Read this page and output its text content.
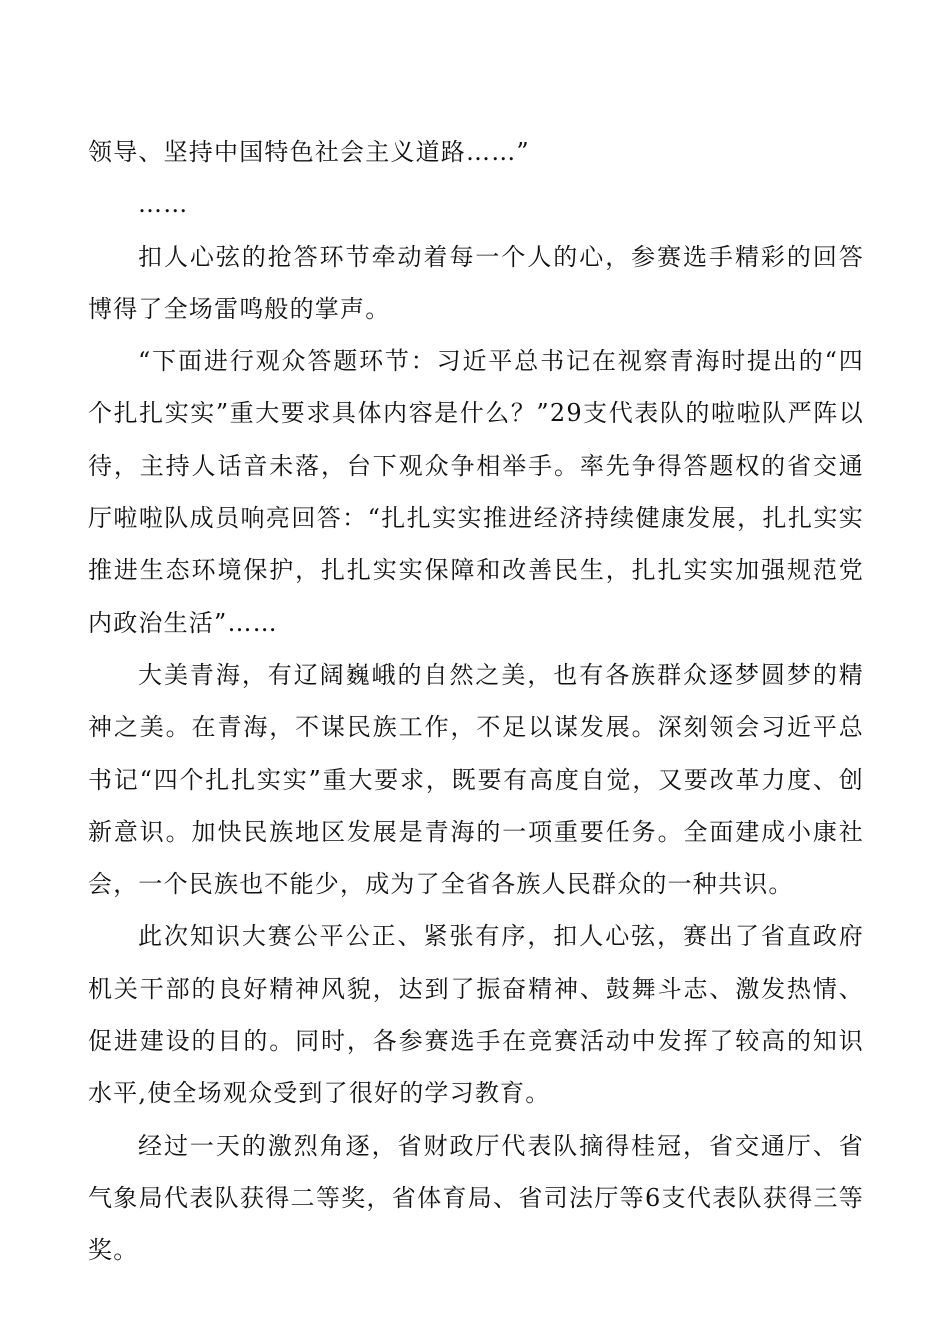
领导、坚持中国特色社会主义道路……”

……

扣人心弦的抢答环节牵动着每一个人的心，参赛选手精彩的回答博得了全场雷鸣般的掌声。

“下面进行观众答题环节：习近平总书记在视察青海时提出的“四个扎扎实实”重大要求具体内容是什么？”29支代表队的啦啦队严阵以待，主持人话音未落，台下观众争相举手。率先争得答题权的省交通厅啦啦队成员响亮回答：“扎扎实实推进经济持续健康发展，扎扎实实推进生态环境保护，扎扎实实保障和改善民生，扎扎实实加强规范党内政治生活”……

大美青海，有辽阔巍峨的自然之美，也有各族群众逐梦圆梦的精神之美。在青海，不谋民族工作，不足以谋发展。深刻领会习近平总书记“四个扎扎实实”重大要求，既要有高度自觉，又要改革力度、创新意识。加快民族地区发展是青海的一项重要任务。全面建成小康社会，一个民族也不能少，成为了全省各族人民群众的一种共识。

此次知识大赛公平公正、紧张有序，扣人心弦，赛出了省直政府机关干部的良好精神风貌，达到了振奋精神、鼓舞斗志、激发热情、促进建设的目的。同时，各参赛选手在竞赛活动中发挥了较高的知识水平,使全场观众受到了很好的学习教育。

经过一天的激烈角逐，省财政厅代表队摘得桂冠，省交通厅、省气象局代表队获得二等奖，省体育局、省司法厅等6支代表队获得三等奖。
